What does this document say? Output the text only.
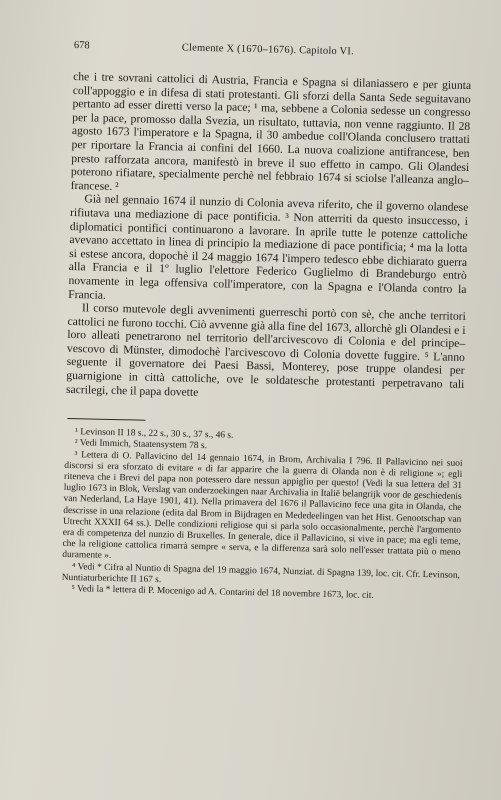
678	Clemente X (1670–1676). Capitolo VI.

che i tre sovrani cattolici di Austria, Francia e Spagna si dilaniassero e per giunta coll'appoggio e in difesa di stati protestanti. Gli sforzi della Santa Sede seguitavano pertanto ad esser diretti verso la pace; ¹ ma, sebbene a Colonia sedesse un congresso per la pace, promosso dalla Svezia, un risultato, tuttavia, non venne raggiunto. Il 28 agosto 1673 l'imperatore e la Spagna, il 30 ambedue coll'Olanda conclusero trattati per riportare la Francia ai confini del 1660. La nuova coalizione antifrancese, ben presto rafforzata ancora, manifestò in breve il suo effetto in campo. Gli Olandesi poterono rifiatare, specialmente perchè nel febbraio 1674 si sciolse l'alleanza anglo–francese. ²

Già nel gennaio 1674 il nunzio di Colonia aveva riferito, che il governo olandese rifiutava una mediazione di pace pontificia. ³ Non atterriti da questo insuccesso, i diplomatici pontifici continuarono a lavorare. In aprile tutte le potenze cattoliche avevano accettato in linea di principio la mediazione di pace pontificia; ⁴ ma la lotta si estese ancora, dopochè il 24 maggio 1674 l'impero tedesco ebbe dichiarato guerra alla Francia e il 1º luglio l'elettore Federico Guglielmo di Brandeburgo entrò novamente in lega offensiva coll'imperatore, con la Spagna e l'Olanda contro la Francia.

Il corso mutevole degli avvenimenti guerreschi portò con sè, che anche territori cattolici ne furono tocchi. Ciò avvenne già alla fine del 1673, allorchè gli Olandesi e i loro alleati penetrarono nel territorio dell'arcivescovo di Colonia e del principe–vescovo di Münster, dimodochè l'arcivescovo di Colonia dovette fuggire. ⁵ L'anno seguente il governatore dei Paesi Bassi, Monterey, pose truppe olandesi per guarnigione in città cattoliche, ove le soldatesche protestanti perpetravano tali sacrilegi, che il papa dovette

¹ Levinson II 18 s., 22 s., 30 s., 37 s., 46 s.

² Vedi Immich, Staatensystem 78 s.

³ Lettera di O. Pallavicino del 14 gennaio 1674, in Brom, Archivalia I 796. Il Pallavicino nei suoi discorsi si era sforzato di evitare « di far apparire che la guerra di Olanda non è di religione »; egli riteneva che i Brevi del papa non potessero dare nessun appiglio per questo! (Vedi la sua lettera del 31 luglio 1673 in Blok, Verslag van onderzoekingen naar Archivalia in Italië belangrijk voor de geschiedenis van Nederland, La Haye 1901, 41). Nella primavera del 1676 il Pallavicino fece una gita in Olanda, che descrisse in una relazione (edita dal Brom in Bijdragen en Mededeelingen van het Hist. Genootschap van Utrecht XXXII 64 ss.). Delle condizioni religiose qui si parla solo occasionalmente, perchè l'argomento era di competenza del nunzio di Bruxelles. In generale, dice il Pallavicino, si vive in pace; ma egli teme, che la religione cattolica rimarrà sempre « serva, e la differenza sarà solo nell'esser trattata più o meno duramente ».

⁴ Vedi * Cifra al Nuntio di Spagna del 19 maggio 1674, Nunziat. di Spagna 139, loc. cit. Cfr. Levinson, Nuntiaturberichte II 167 s.

⁵ Vedi la * lettera di P. Mocenigo ad A. Contarini del 18 novembre 1673, loc. cit.
